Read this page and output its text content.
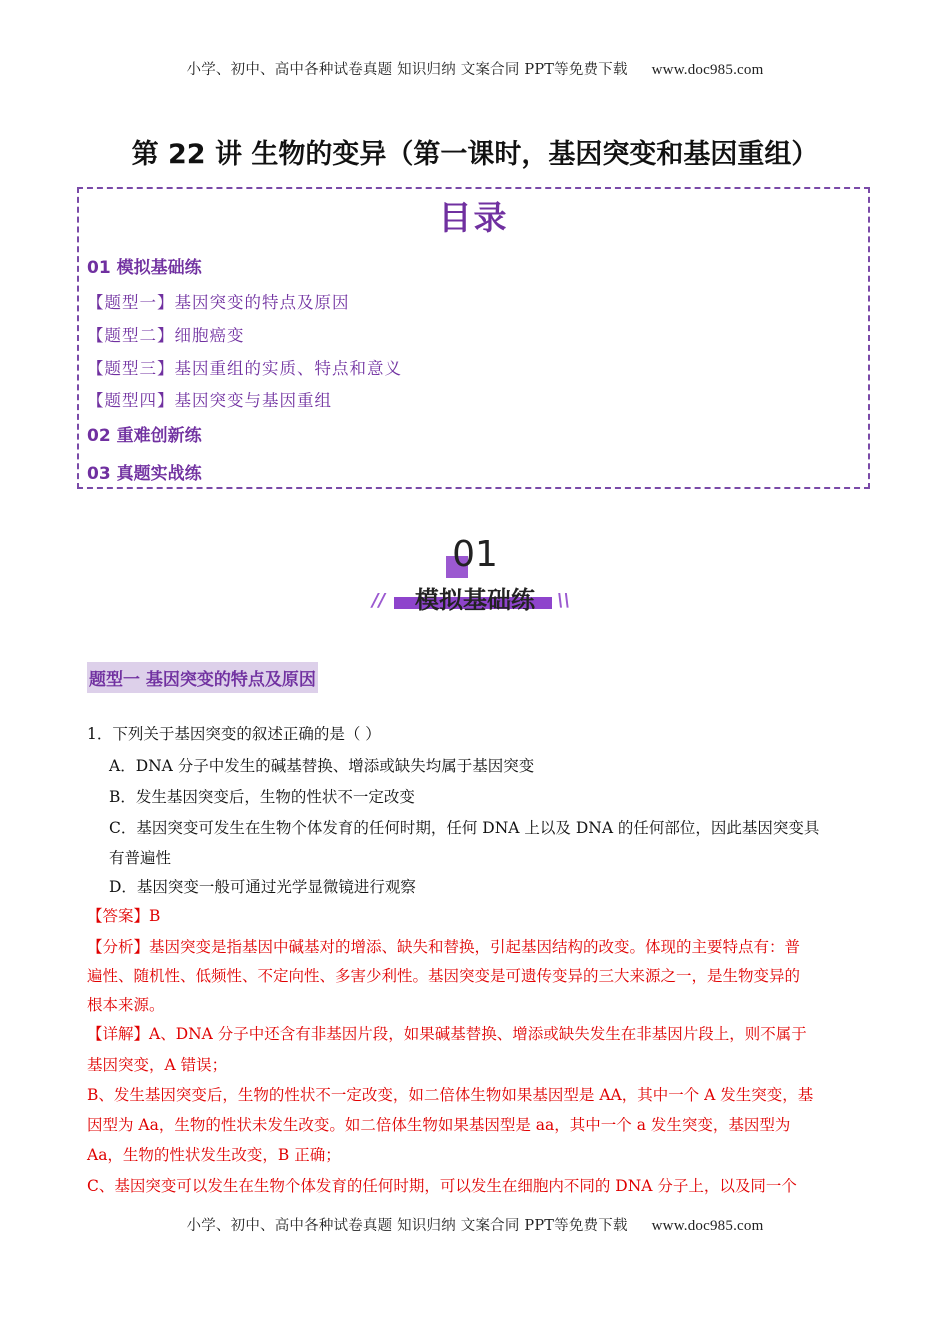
小学、初中、高中各种试卷真题 知识归纳 文案合同 PPT等免费下载 www.doc985.com
第 22 讲 生物的变异（第一课时，基因突变和基因重组）
目录
01 模拟基础练
【题型一】基因突变的特点及原因
【题型二】细胞癌变
【题型三】基因重组的实质、特点和意义
【题型四】基因突变与基因重组
02 重难创新练
03 真题实战练
01
模拟基础练
//	\\
题型一 基因突变的特点及原因
1．下列关于基因突变的叙述正确的是（ ）
A．DNA 分子中发生的碱基替换、增添或缺失均属于基因突变
B．发生基因突变后，生物的性状不一定改变
C．基因突变可发生在生物个体发育的任何时期，任何 DNA 上以及 DNA 的任何部位，因此基因突变具
有普遍性
D．基因突变一般可通过光学显微镜进行观察
【答案】B
【分析】基因突变是指基因中碱基对的增添、缺失和替换，引起基因结构的改变。体现的主要特点有：普
遍性、随机性、低频性、不定向性、多害少利性。基因突变是可遗传变异的三大来源之一，是生物变异的
根本来源。
【详解】A、DNA 分子中还含有非基因片段，如果碱基替换、增添或缺失发生在非基因片段上，则不属于
基因突变，A 错误；
B、发生基因突变后，生物的性状不一定改变，如二倍体生物如果基因型是 AA，其中一个 A 发生突变，基
因型为 Aa，生物的性状未发生改变。如二倍体生物如果基因型是 aa，其中一个 a 发生突变，基因型为
Aa，生物的性状发生改变，B 正确；
C、基因突变可以发生在生物个体发育的任何时期，可以发生在细胞内不同的 DNA 分子上，以及同一个
小学、初中、高中各种试卷真题 知识归纳 文案合同 PPT等免费下载 www.doc985.com
